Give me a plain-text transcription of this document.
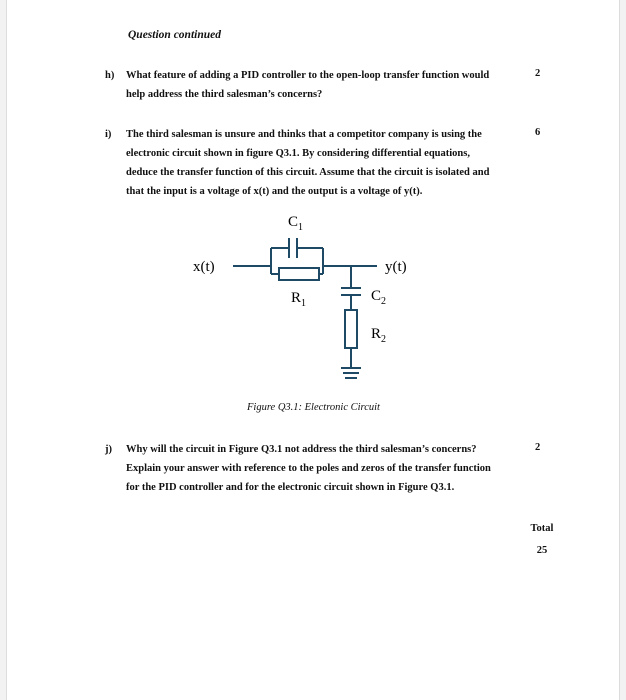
Question continued
h) What feature of adding a PID controller to the open-loop transfer function would
help address the third salesman’s concerns?
2
i) The third salesman is unsure and thinks that a competitor company is using the
electronic circuit shown in figure Q3.1. By considering differential equations,
deduce the transfer function of this circuit. Assume that the circuit is isolated and
that the input is a voltage of x(t) and the output is a voltage of y(t).
6
$C_1$
$R_1$	$C_2$
$R_2$
x(t)	y(t)
Figure Q3.1: Electronic Circuit
j) Why will the circuit in Figure Q3.1 not address the third salesman’s concerns?
Explain your answer with reference to the poles and zeros of the transfer function
for the PID controller and for the electronic circuit shown in Figure Q3.1.
2
Total
25
